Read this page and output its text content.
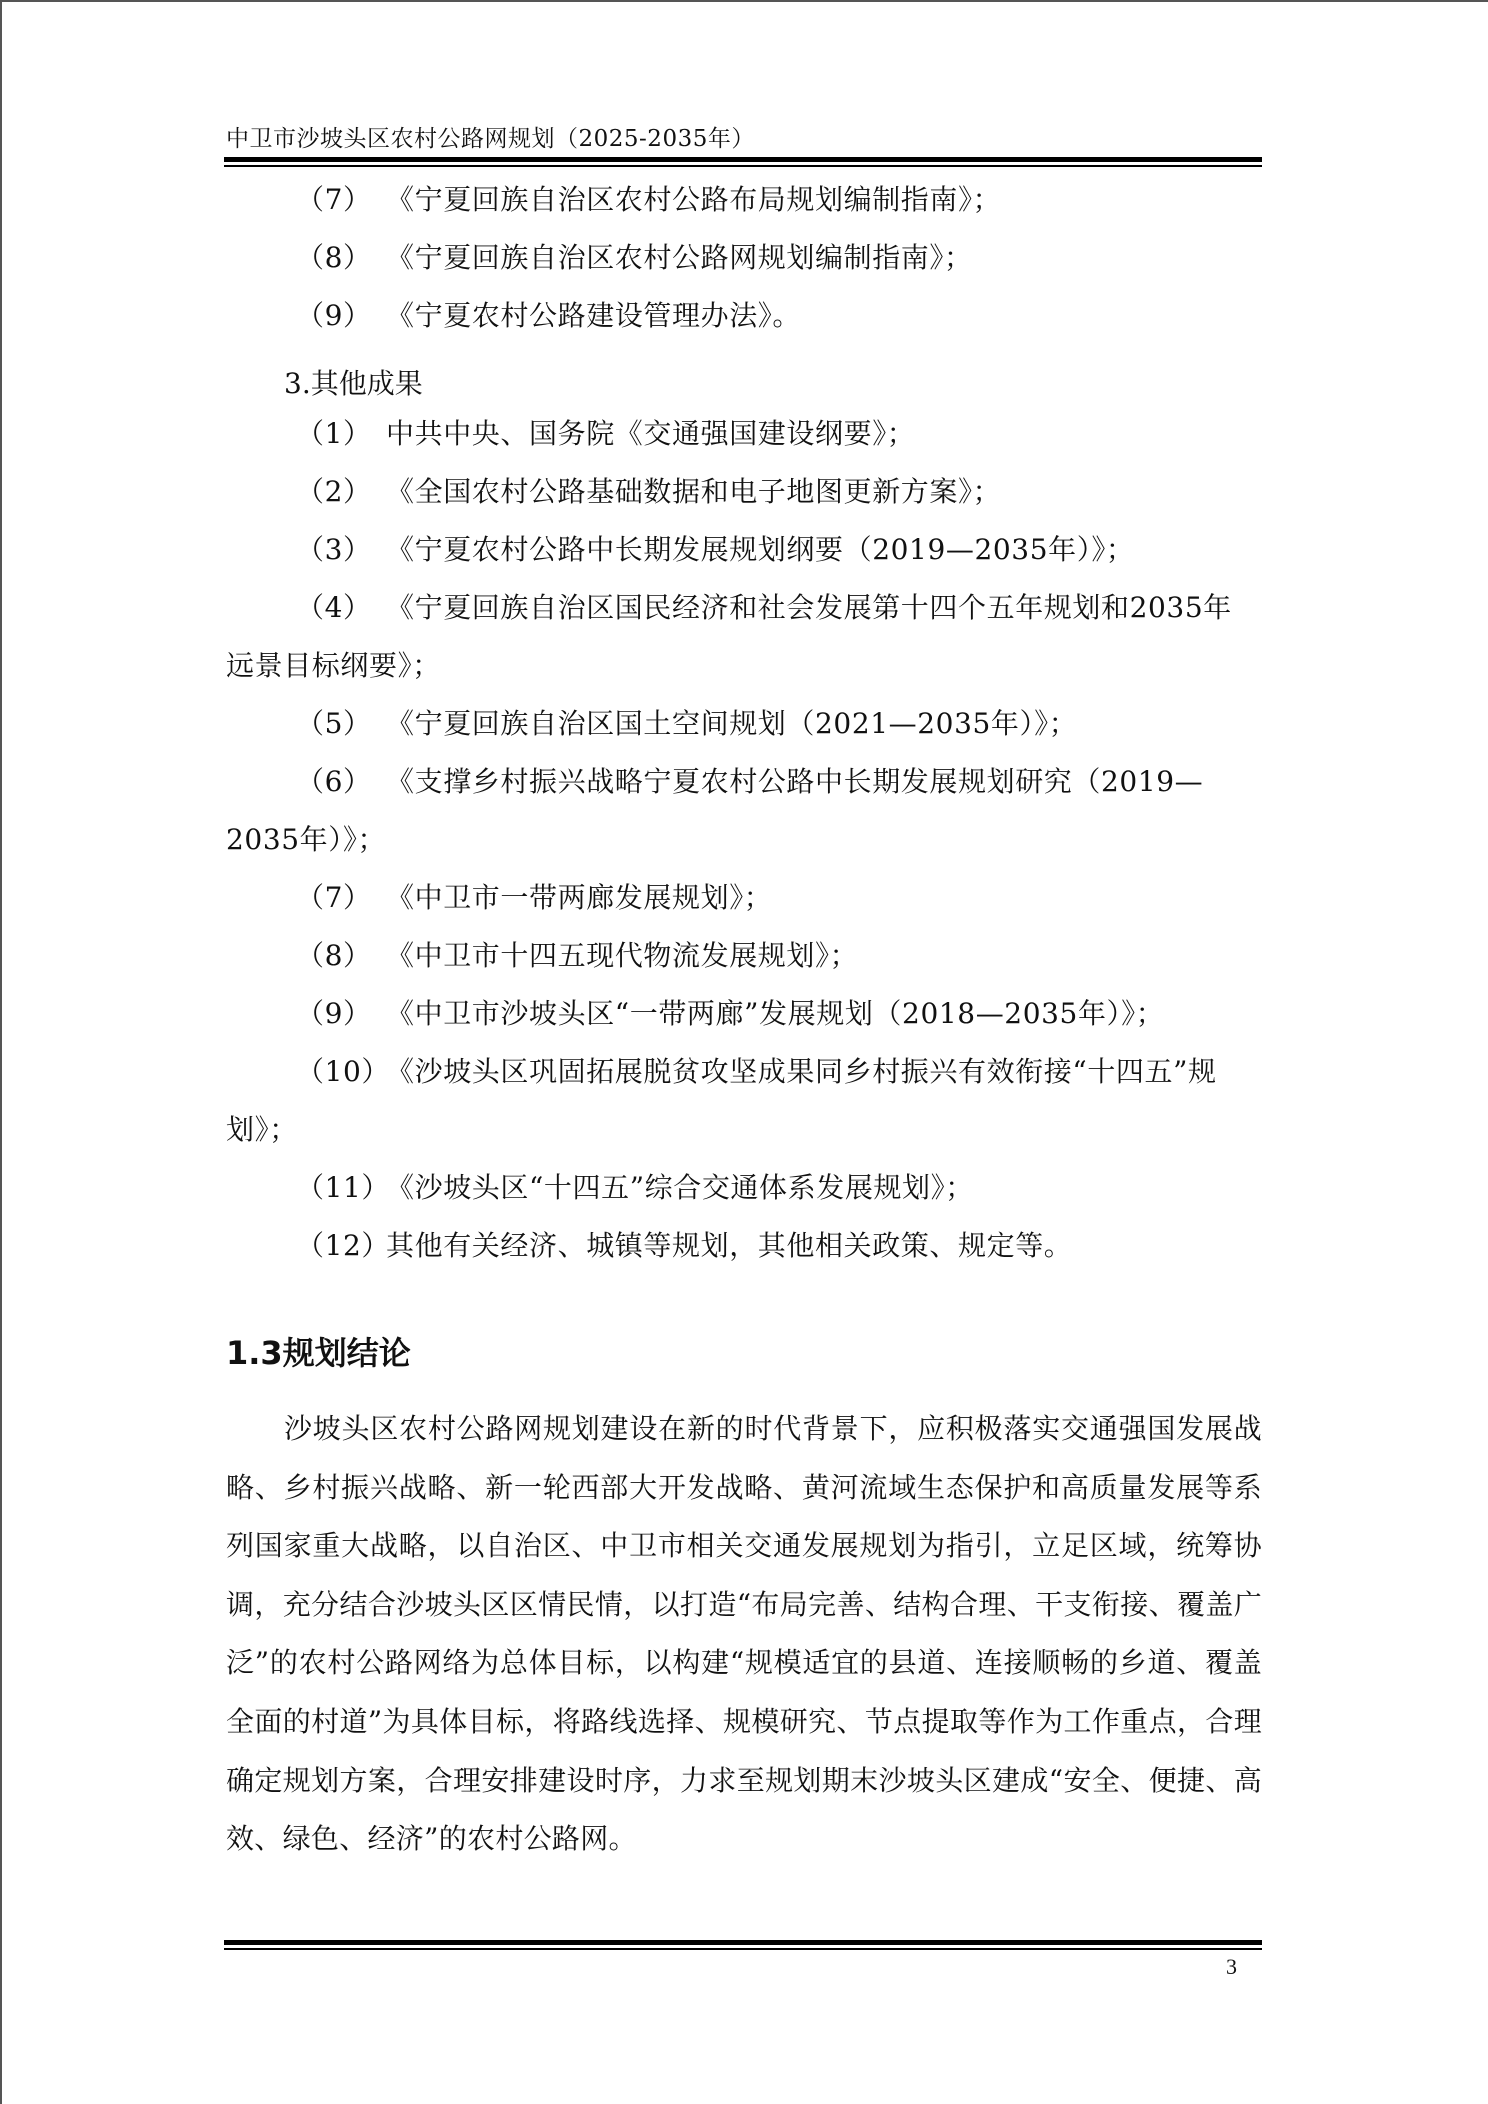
中卫市沙坡头区农村公路网规划（2025-2035年）
（7） 《宁夏回族自治区农村公路布局规划编制指南》；
（8） 《宁夏回族自治区农村公路网规划编制指南》；
（9） 《宁夏农村公路建设管理办法》。
3.其他成果
（1） 中共中央、国务院《交通强国建设纲要》；
（2） 《全国农村公路基础数据和电子地图更新方案》；
（3） 《宁夏农村公路中长期发展规划纲要（2019—2035年）》；
（4） 《宁夏回族自治区国民经济和社会发展第十四个五年规划和2035年
远景目标纲要》；
（5） 《宁夏回族自治区国土空间规划（2021—2035年）》；
（6） 《支撑乡村振兴战略宁夏农村公路中长期发展规划研究（2019—
2035年）》；
（7） 《中卫市一带两廊发展规划》；
（8） 《中卫市十四五现代物流发展规划》；
（9） 《中卫市沙坡头区“一带两廊”发展规划（2018—2035年）》；
（10）《沙坡头区巩固拓展脱贫攻坚成果同乡村振兴有效衔接“十四五”规
划》；
（11）《沙坡头区“十四五”综合交通体系发展规划》；
（12）其他有关经济、城镇等规划，其他相关政策、规定等。
1.3规划结论

沙坡头区农村公路网规划建设在新的时代背景下，应积极落实交通强国发展战略、乡村振兴战略、新一轮西部大开发战略、黄河流域生态保护和高质量发展等系列国家重大战略，以自治区、中卫市相关交通发展规划为指引，立足区域，统筹协调，充分结合沙坡头区区情民情，以打造“布局完善、结构合理、干支衔接、覆盖广泛”的农村公路网络为总体目标，以构建“规模适宜的县道、连接顺畅的乡道、覆盖全面的村道”为具体目标，将路线选择、规模研究、节点提取等作为工作重点，合理确定规划方案，合理安排建设时序，力求至规划期末沙坡头区建成“安全、便捷、高效、绿色、经济”的农村公路网。

3
